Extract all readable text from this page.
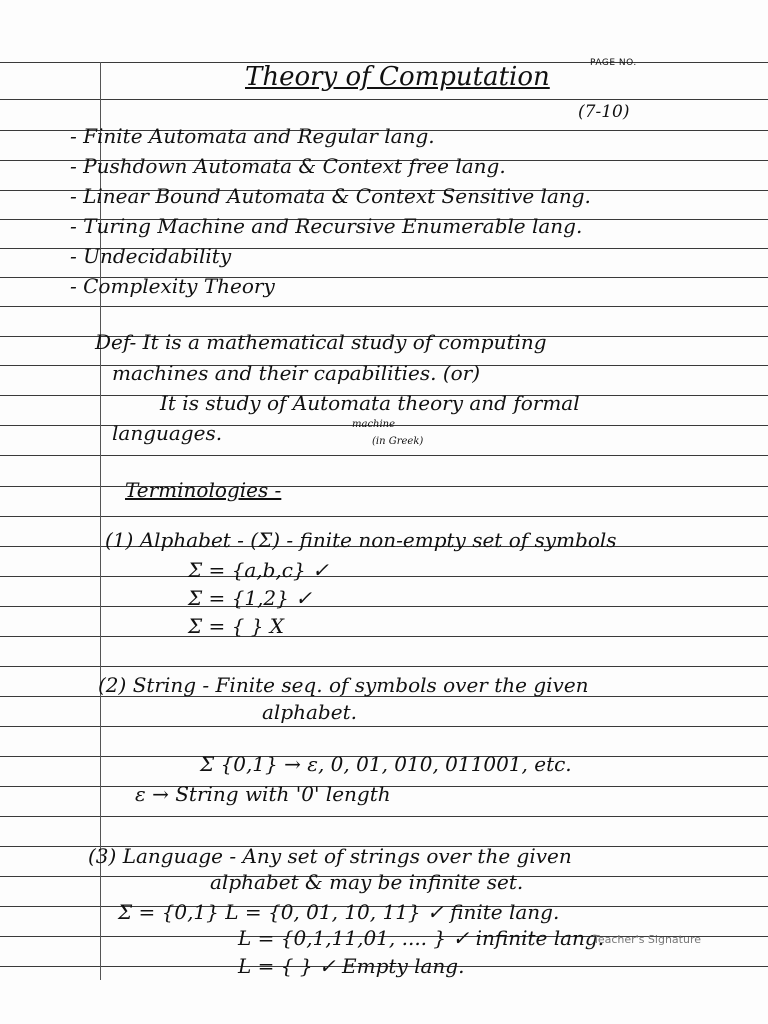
PAGE NO.
Theory of Computation
(7-10)
- Finite Automata and Regular lang.
- Pushdown Automata & Context free lang.
- Linear Bound Automata & Context Sensitive lang.
- Turing Machine and Recursive Enumerable lang.
- Undecidability
- Complexity Theory
Def- It is a mathematical study of computing
machines and their capabilities. (or)
It is study of Automata theory and formal
languages.	machine
(in Greek)
Terminologies -
(1) Alphabet - (Σ) - finite non-empty set of symbols
Σ = {a,b,c} ✓
Σ = {1,2} ✓
Σ = { } X
(2) String - Finite seq. of symbols over the given
alphabet.
Σ {0,1} → ε, 0, 01, 010, 011001, etc.
ε → String with '0' length
(3) Language - Any set of strings over the given
alphabet & may be infinite set.
Σ = {0,1} L = {0, 01, 10, 11} ✓ finite lang.
L = {0,1,11,01, .... } ✓ infinite lang.
L = { } ✓ Empty lang.
Teacher's Signature
